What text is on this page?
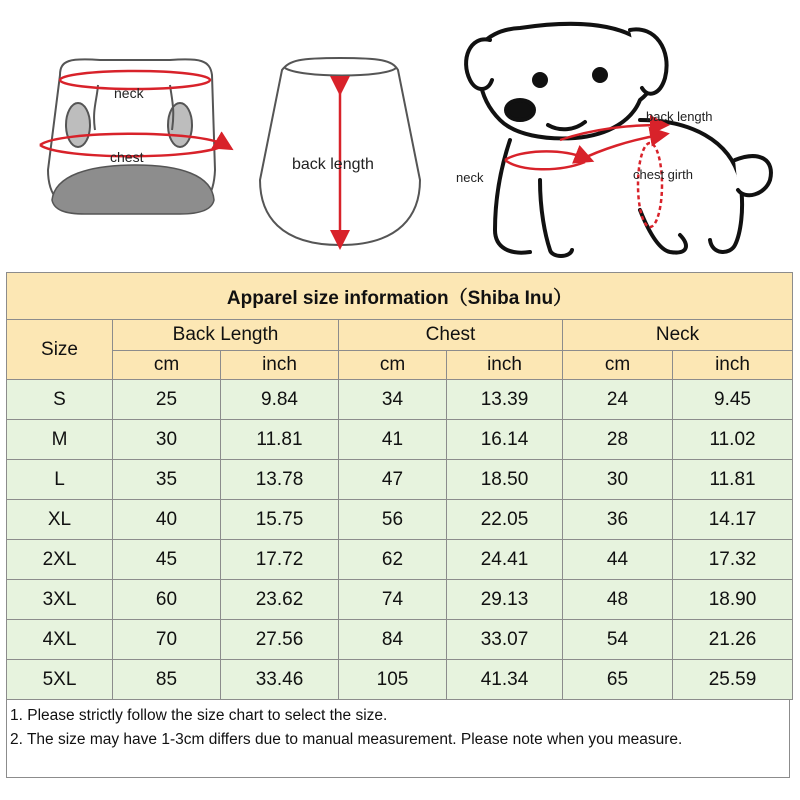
neck
chest	back length
back length
neck	chest girth
Apparel size information（Shiba Inu）						
Size	Back Length		Chest		Neck	
	cm	inch	cm	inch	cm	inch
S	25	9.84	34	13.39	24	9.45
M	30	11.81	41	16.14	28	11.02
L	35	13.78	47	18.50	30	11.81
XL	40	15.75	56	22.05	36	14.17
2XL	45	17.72	62	24.41	44	17.32
3XL	60	23.62	74	29.13	48	18.90
4XL	70	27.56	84	33.07	54	21.26
5XL	85	33.46	105	41.34	65	25.59
1. Please strictly follow the size chart to select the size.
2. The size may have 1-3cm differs due to manual measurement. Please note when you measure.
